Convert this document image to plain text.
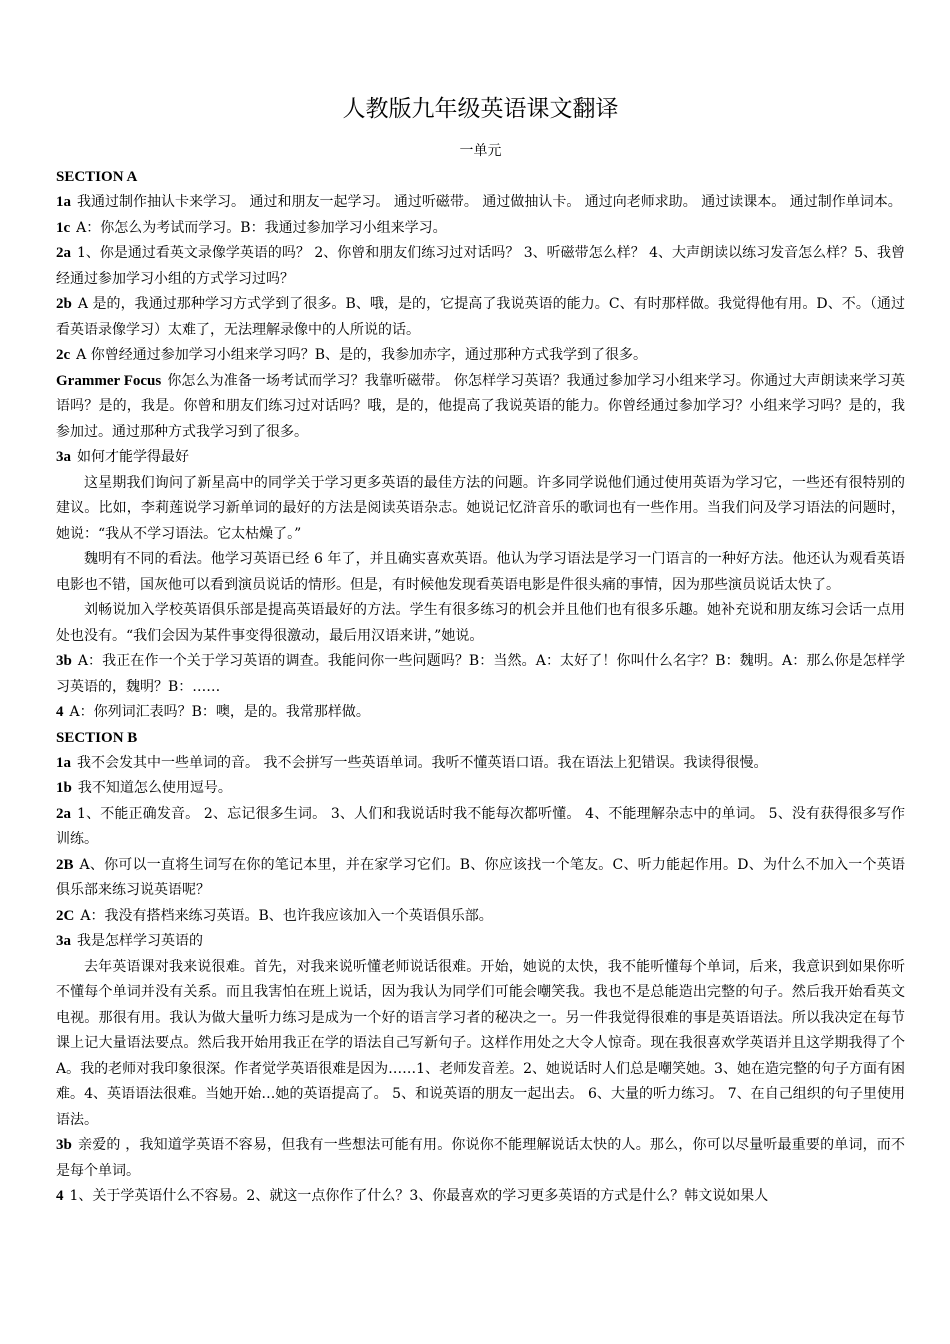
人教版九年级英语课文翻译
一单元
SECTION A

1a 我通过制作抽认卡来学习。 通过和朋友一起学习。 通过听磁带。 通过做抽认卡。 通过向老师求助。 通过读课本。 通过制作单词本。

1c A：你怎么为考试而学习。B：我通过参加学习小组来学习。

2a 1、你是通过看英文录像学英语的吗？ 2、你曾和朋友们练习过对话吗？ 3、听磁带怎么样？ 4、大声朗读以练习发音怎么样？5、我曾经通过参加学习小组的方式学习过吗？

2b A 是的，我通过那种学习方式学到了很多。B、哦，是的，它提高了我说英语的能力。C、有时那样做。我觉得他有用。D、不。（通过看英语录像学习）太难了，无法理解录像中的人所说的话。

2c A 你曾经通过参加学习小组来学习吗？B、是的，我参加赤字，通过那种方式我学到了很多。

Grammer Focus 你怎么为准备一场考试而学习？我靠听磁带。 你怎样学习英语？我通过参加学习小组来学习。你通过大声朗读来学习英语吗？是的，我是。你曾和朋友们练习过对话吗？哦，是的，他提高了我说英语的能力。你曾经通过参加学习？小组来学习吗？是的，我参加过。通过那种方式我学习到了很多。

3a 如何才能学得最好

这星期我们询问了新星高中的同学关于学习更多英语的最佳方法的问题。许多同学说他们通过使用英语为学习它，一些还有很特别的建议。比如，李莉莲说学习新单词的最好的方法是阅读英语杂志。她说记忆浒音乐的歌词也有一些作用。当我们问及学习语法的问题时，她说：“我从不学习语法。它太枯燥了。”

魏明有不同的看法。他学习英语已经 6 年了，并且确实喜欢英语。他认为学习语法是学习一门语言的一种好方法。他还认为观看英语电影也不错，国灰他可以看到演员说话的情形。但是，有时候他发现看英语电影是件很头痛的事情，因为那些演员说话太快了。

刘畅说加入学校英语俱乐部是提高英语最好的方法。学生有很多练习的机会并且他们也有很多乐趣。她补充说和朋友练习会话一点用处也没有。“我们会因为某件事变得很激动，最后用汉语来讲，”她说。

3b A：我正在作一个关于学习英语的调查。我能问你一些问题吗？B：当然。A：太好了！你叫什么名字？B：魏明。A：那么你是怎样学习英语的，魏明？B：……

4 A：你列词汇表吗？B：噢，是的。我常那样做。

SECTION B

1a 我不会发其中一些单词的音。 我不会拼写一些英语单词。我听不懂英语口语。我在语法上犯错误。我读得很慢。

1b 我不知道怎么使用逗号。

2a 1、不能正确发音。 2、忘记很多生词。 3、人们和我说话时我不能每次都听懂。 4、不能理解杂志中的单词。 5、没有获得很多写作训练。

2B A、你可以一直将生词写在你的笔记本里，并在家学习它们。B、你应该找一个笔友。C、听力能起作用。D、为什么不加入一个英语俱乐部来练习说英语呢？

2C A：我没有搭档来练习英语。B、也许我应该加入一个英语俱乐部。

3a 我是怎样学习英语的

去年英语课对我来说很难。首先，对我来说听懂老师说话很难。开始，她说的太快，我不能听懂每个单词，后来，我意识到如果你听不懂每个单词并没有关系。而且我害怕在班上说话，因为我认为同学们可能会嘲笑我。我也不是总能造出完整的句子。然后我开始看英文电视。那很有用。我认为做大量听力练习是成为一个好的语言学习者的秘决之一。另一件我觉得很难的事是英语语法。所以我决定在每节课上记大量语法要点。然后我开始用我正在学的语法自己写新句子。这样作用处之大令人惊奇。现在我很喜欢学英语并且这学期我得了个 A。我的老师对我印象很深。作者觉学英语很难是因为……1、老师发音差。2、她说话时人们总是嘲笑她。3、她在造完整的句子方面有困难。4、英语语法很难。当她开始…她的英语提高了。 5、和说英语的朋友一起出去。 6、大量的听力练习。 7、在自己组织的句子里使用语法。

3b 亲爱的 ，我知道学英语不容易，但我有一些想法可能有用。你说你不能理解说话太快的人。那么，你可以尽量听最重要的单词，而不是每个单词。

4 1、关于学英语什么不容易。2、就这一点你作了什么？3、你最喜欢的学习更多英语的方式是什么？韩文说如果人
